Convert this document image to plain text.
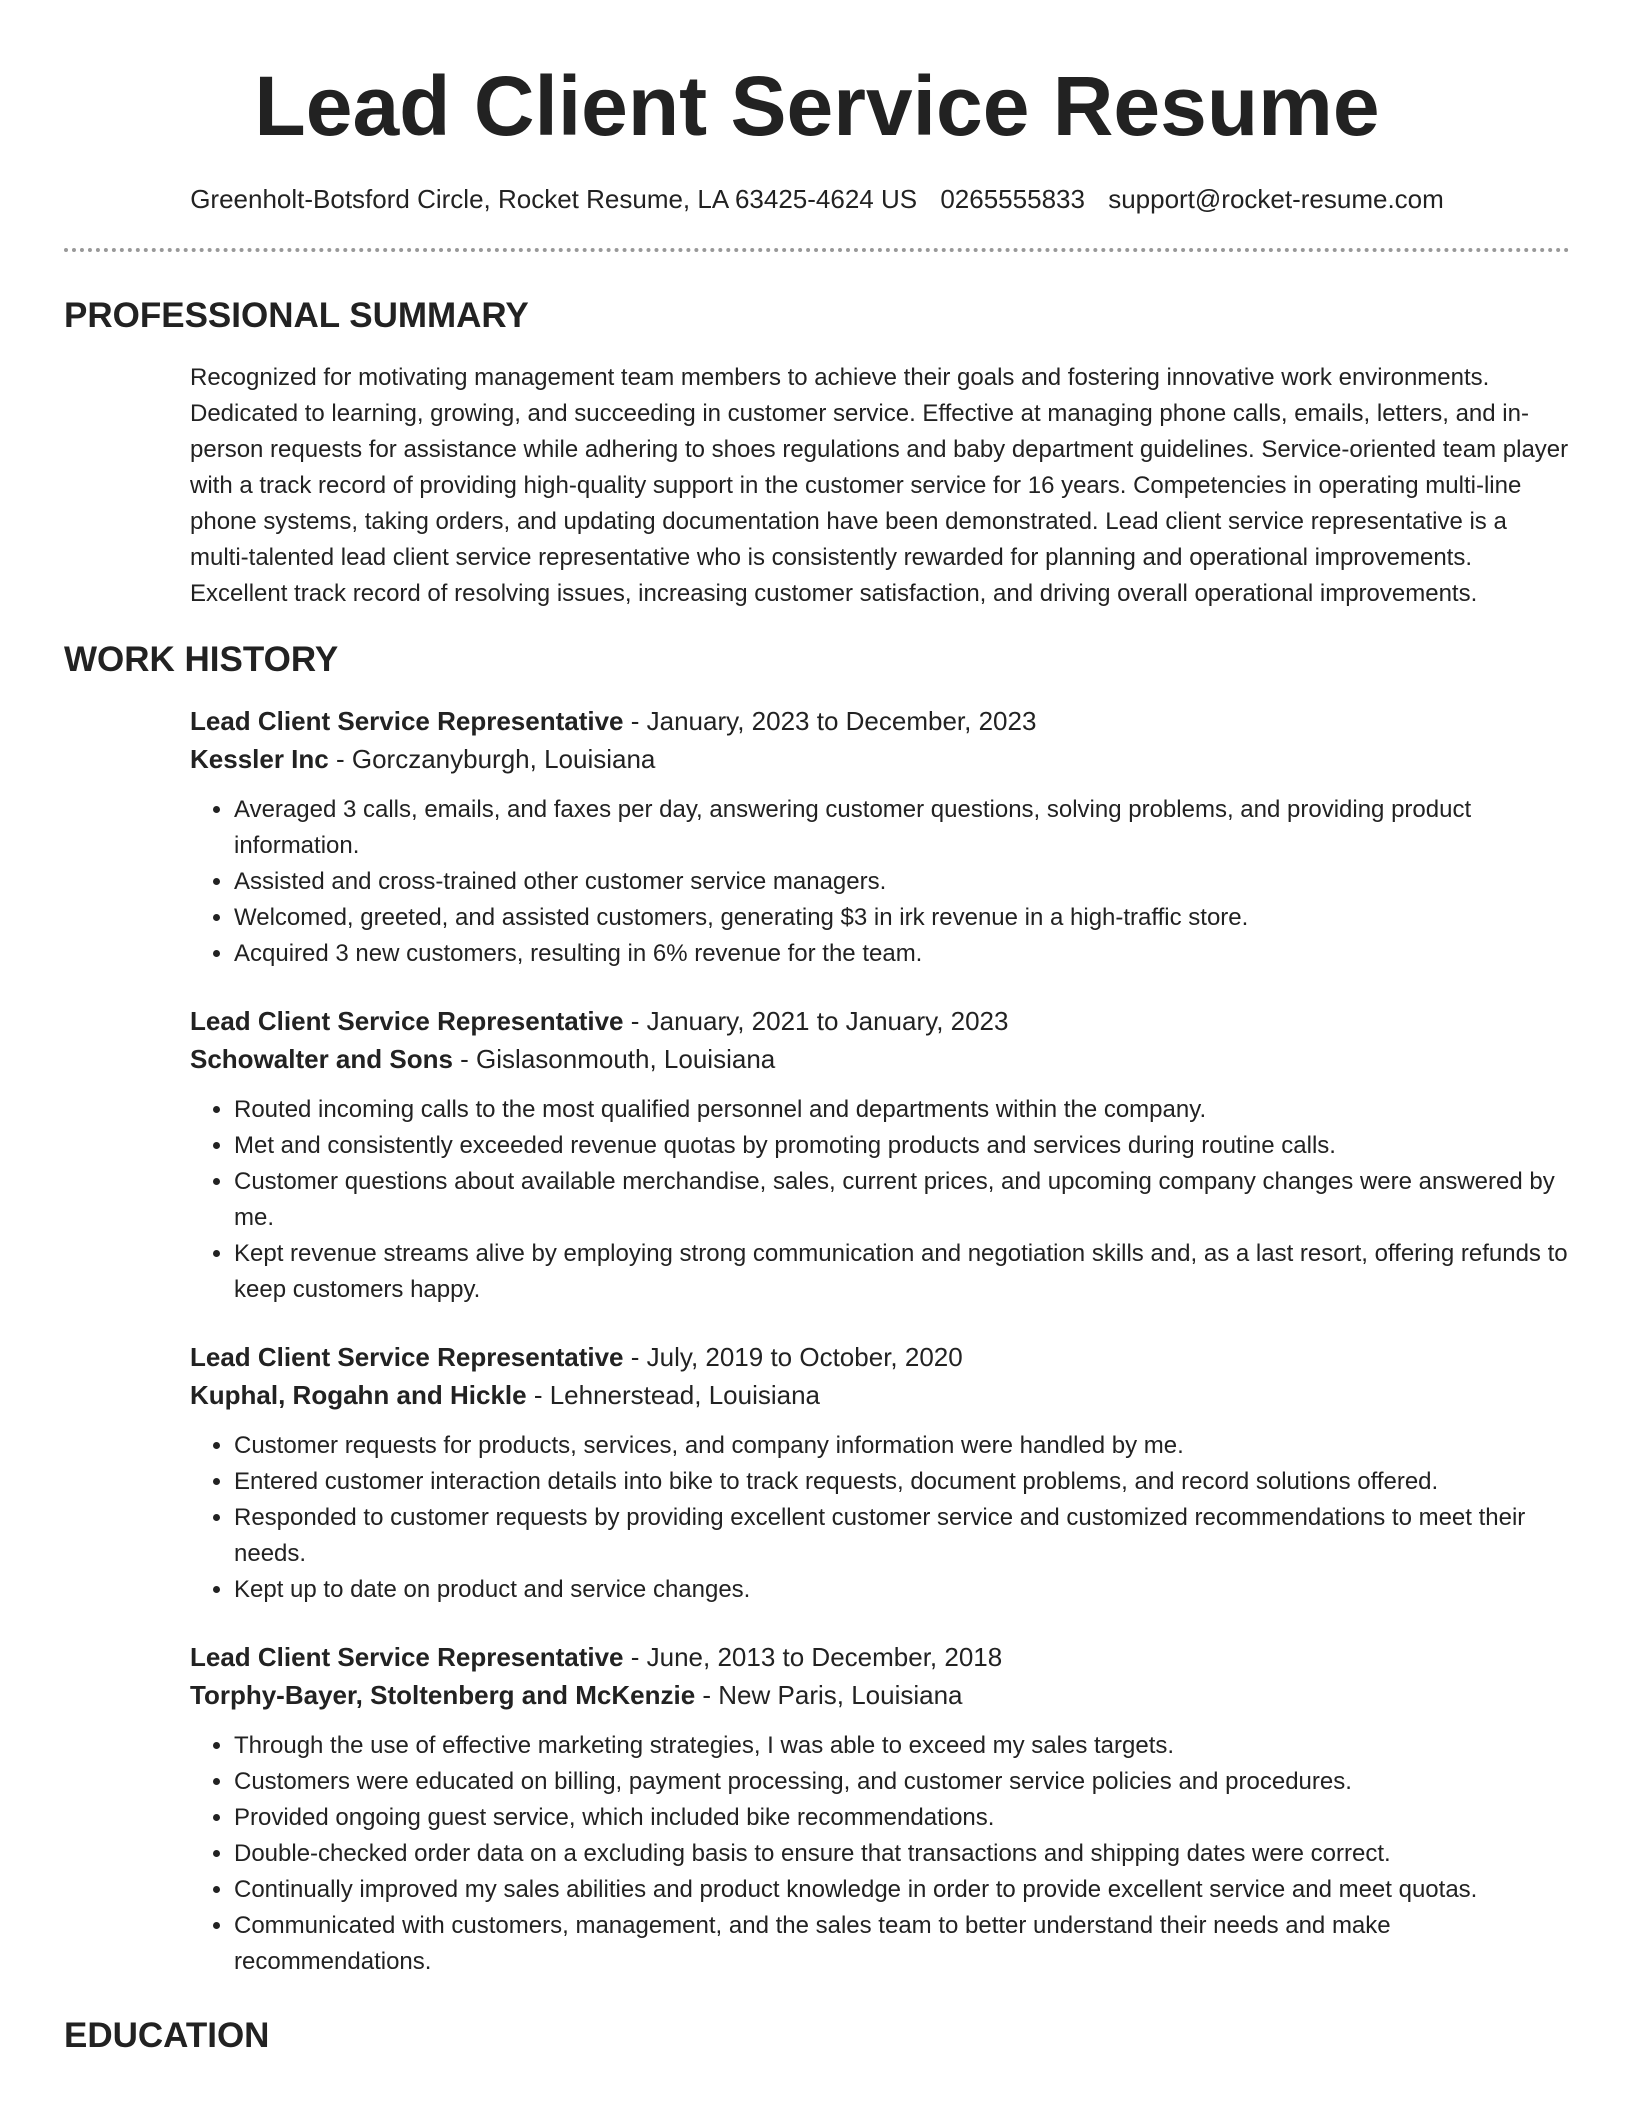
Lead Client Service Resume
Greenholt-Botsford Circle, Rocket Resume, LA 63425-4624 US 0265555833 support@rocket-resume.com
PROFESSIONAL SUMMARY
Recognized for motivating management team members to achieve their goals and fostering innovative work environments. Dedicated to learning, growing, and succeeding in customer service. Effective at managing phone calls, emails, letters, and in-person requests for assistance while adhering to shoes regulations and baby department guidelines. Service-oriented team player with a track record of providing high-quality support in the customer service for 16 years. Competencies in operating multi-line phone systems, taking orders, and updating documentation have been demonstrated. Lead client service representative is a multi-talented lead client service representative who is consistently rewarded for planning and operational improvements. Excellent track record of resolving issues, increasing customer satisfaction, and driving overall operational improvements.
WORK HISTORY
Lead Client Service Representative - January, 2023 to December, 2023
Kessler Inc - Gorczanyburgh, Louisiana
• Averaged 3 calls, emails, and faxes per day, answering customer questions, solving problems, and providing product information.
• Assisted and cross-trained other customer service managers.
• Welcomed, greeted, and assisted customers, generating $3 in irk revenue in a high-traffic store.
• Acquired 3 new customers, resulting in 6% revenue for the team.
Lead Client Service Representative - January, 2021 to January, 2023
Schowalter and Sons - Gislasonmouth, Louisiana
• Routed incoming calls to the most qualified personnel and departments within the company.
• Met and consistently exceeded revenue quotas by promoting products and services during routine calls.
• Customer questions about available merchandise, sales, current prices, and upcoming company changes were answered by me.
• Kept revenue streams alive by employing strong communication and negotiation skills and, as a last resort, offering refunds to keep customers happy.
Lead Client Service Representative - July, 2019 to October, 2020
Kuphal, Rogahn and Hickle - Lehnerstead, Louisiana
• Customer requests for products, services, and company information were handled by me.
• Entered customer interaction details into bike to track requests, document problems, and record solutions offered.
• Responded to customer requests by providing excellent customer service and customized recommendations to meet their needs.
• Kept up to date on product and service changes.
Lead Client Service Representative - June, 2013 to December, 2018
Torphy-Bayer, Stoltenberg and McKenzie - New Paris, Louisiana
• Through the use of effective marketing strategies, I was able to exceed my sales targets.
• Customers were educated on billing, payment processing, and customer service policies and procedures.
• Provided ongoing guest service, which included bike recommendations.
• Double-checked order data on a excluding basis to ensure that transactions and shipping dates were correct.
• Continually improved my sales abilities and product knowledge in order to provide excellent service and meet quotas.
• Communicated with customers, management, and the sales team to better understand their needs and make recommendations.
EDUCATION
